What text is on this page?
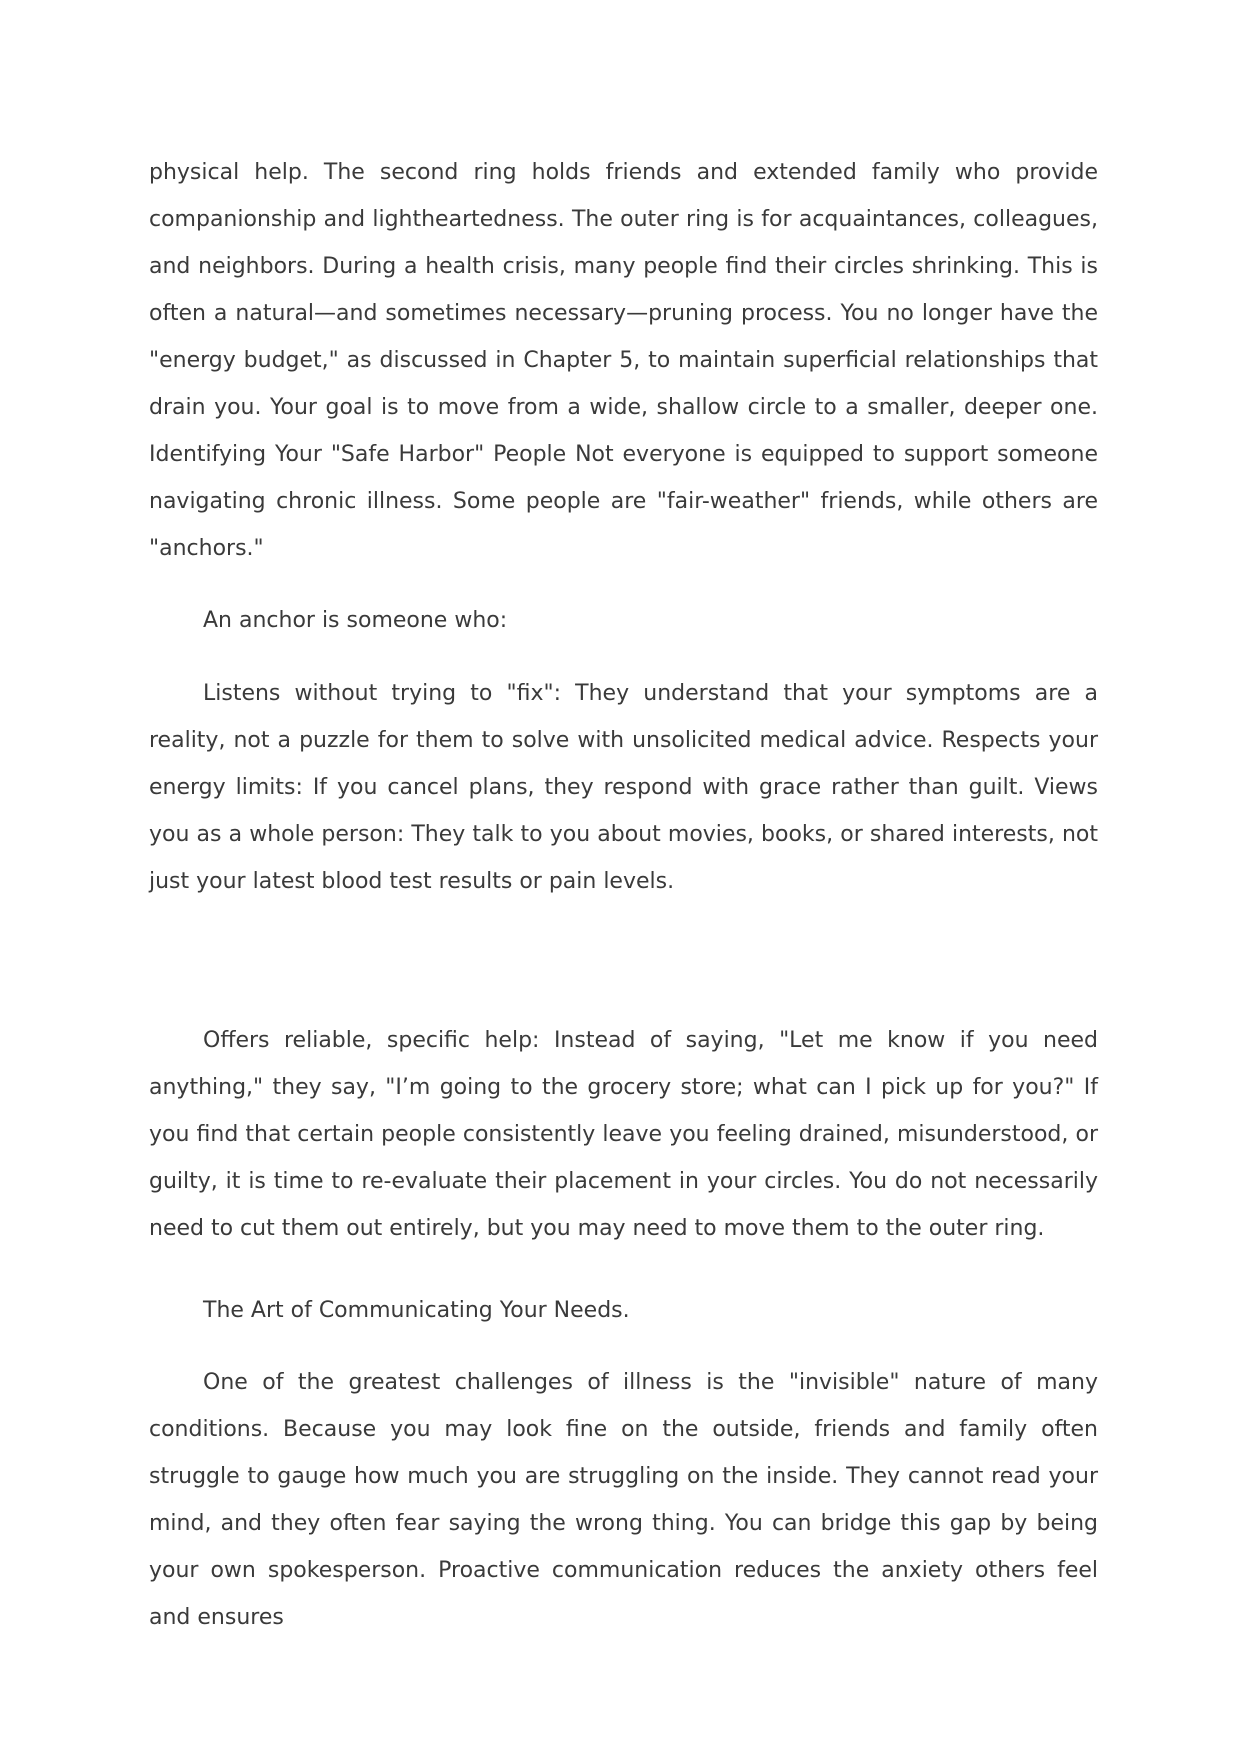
physical help. The second ring holds friends and extended family who provide companionship and lightheartedness. The outer ring is for acquaintances, colleagues, and neighbors. During a health crisis, many people find their circles shrinking. This is often a natural—and sometimes necessary—pruning process. You no longer have the "energy budget," as discussed in Chapter 5, to maintain superficial relationships that drain you. Your goal is to move from a wide, shallow circle to a smaller, deeper one. Identifying Your "Safe Harbor" People Not everyone is equipped to support someone navigating chronic illness. Some people are "fair-weather" friends, while others are "anchors."

An anchor is someone who:

Listens without trying to "fix": They understand that your symptoms are a reality, not a puzzle for them to solve with unsolicited medical advice. Respects your energy limits: If you cancel plans, they respond with grace rather than guilt. Views you as a whole person: They talk to you about movies, books, or shared interests, not just your latest blood test results or pain levels.

Offers reliable, specific help: Instead of saying, "Let me know if you need anything," they say, "I’m going to the grocery store; what can I pick up for you?" If you find that certain people consistently leave you feeling drained, misunderstood, or guilty, it is time to re-evaluate their placement in your circles. You do not necessarily need to cut them out entirely, but you may need to move them to the outer ring.

The Art of Communicating Your Needs.

One of the greatest challenges of illness is the "invisible" nature of many conditions. Because you may look fine on the outside, friends and family often struggle to gauge how much you are struggling on the inside. They cannot read your mind, and they often fear saying the wrong thing. You can bridge this gap by being your own spokesperson. Proactive communication reduces the anxiety others feel and ensures
